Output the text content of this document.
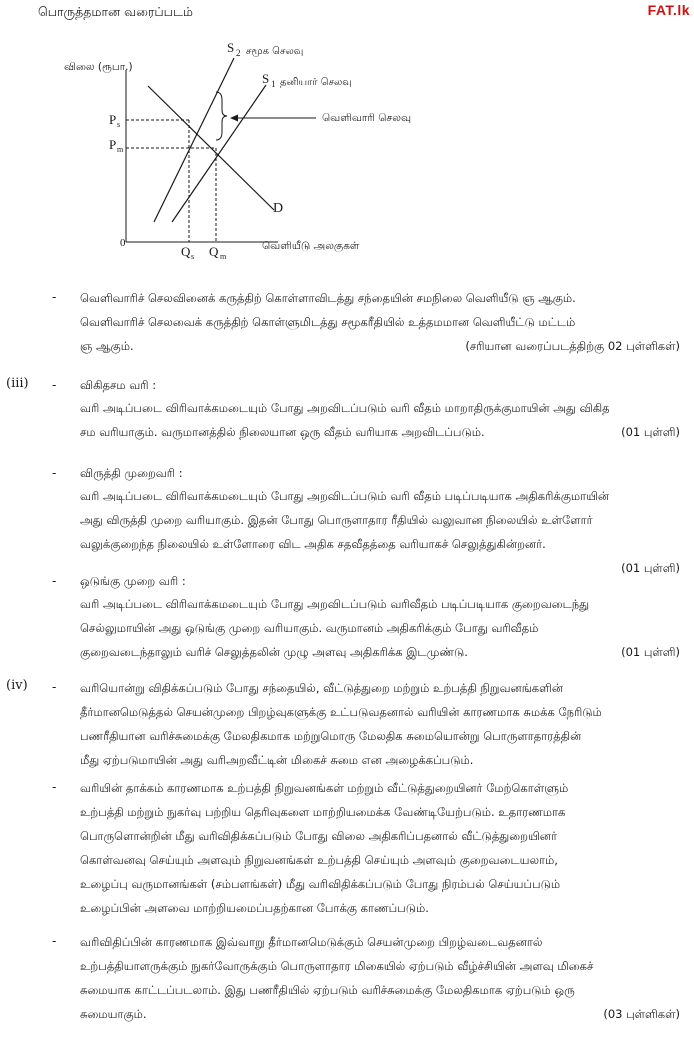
FAT.lk
பொருத்தமான வரைப்படம்
விலை (ரூபா.)
வெளியீடு அலகுகள்
0
வெளிவாரி செலவு
S 2 சமூக செலவு
S 1 தனியார் செலவு
D
P s
P m
Q s Q m
- வெளிவாரிச் செலவினைக் கருத்திற் கொள்ளாவிடத்து சந்தையின் சமநிலை வெளியீடு ஞ ஆகும்.
வெளிவாரிச் செலவைக் கருத்திற் கொள்ளுமிடத்து சமூகரீதியில் உத்தமமான வெளியீட்டு மட்டம்
ஞ ஆகும்.	(சரியான வரைப்படத்திற்கு 02 புள்ளிகள்)
(iii) - விகிதசம வரி :
வரி அடிப்படை விரிவாக்கமடையும் போது அறவிடப்படும் வரி வீதம் மாறாதிருக்குமாயின் அது விகித
சம வரியாகும். வருமானத்தில் நிலையான ஒரு வீதம் வரியாக அறவிடப்படும்.	(01 புள்ளி)
- விருத்தி முறைவரி :
வரி அடிப்படை விரிவாக்கமடையும் போது அறவிடப்படும் வரி வீதம் படிப்படியாக அதிகரிக்குமாயின்
அது விருத்தி முறை வரியாகும். இதன் போது பொருளாதார ரீதியில் வலுவான நிலையில் உள்ளோர்
வலுக்குறைந்த நிலையில் உள்ளோரை விட அதிக சதவீதத்தை வரியாகச் செலுத்துகின்றனர்.
(01 புள்ளி)
- ஒடுங்கு முறை வரி :
வரி அடிப்படை விரிவாக்கமடையும் போது அறவிடப்படும் வரிவீதம் படிப்படியாக குறைவடைந்து
செல்லுமாயின் அது ஒடுங்கு முறை வரியாகும். வருமானம் அதிகரிக்கும் போது வரிவீதம்
குறைவடைந்தாலும் வரிச் செலுத்தலின் முழு அளவு அதிகரிக்க இடமுண்டு.	(01 புள்ளி)
(iv) - வரியொன்று விதிக்கப்படும் போது சந்தையில், வீட்டுத்துறை மற்றும் உற்பத்தி நிறுவனங்களின்
தீர்மானமெடுத்தல் செயன்முறை பிறழ்வுகளுக்கு உட்படுவதனால் வரியின் காரணமாக சுமக்க நேரிடும்
பணரீதியான வரிச்சுமைக்கு மேலதிகமாக மற்றுமொரு மேலதிக சுமையொன்று பொருளாதாரத்தின்
மீது ஏற்படுமாயின் அது வரிஅறவீட்டின் மிகைச் சுமை என அழைக்கப்படும்.
- வரியின் தாக்கம் காரணமாக உற்பத்தி நிறுவனங்கள் மற்றும் வீட்டுத்துறையினர் மேற்கொள்ளும்
உற்பத்தி மற்றும் நுகர்வு பற்றிய தெரிவுகளை மாற்றியமைக்க வேண்டியேற்படும். உதாரணமாக
பொருளொன்றின் மீது வரிவிதிக்கப்படும் போது விலை அதிகரிப்பதனால் வீட்டுத்துறையினர்
கொள்வனவு செய்யும் அளவும் நிறுவனங்கள் உற்பத்தி செய்யும் அளவும் குறைவடையலாம்,
உழைப்பு வருமானங்கள் (சம்பளங்கள்) மீது வரிவிதிக்கப்படும் போது நிரம்பல் செய்யப்படும்
உழைப்பின் அளவை மாற்றியமைப்பதற்கான போக்கு காணப்படும்.
- வரிவிதிப்பின் காரணமாக இவ்வாறு தீர்மானமெடுக்கும் செயன்முறை பிறழ்வடைவதனால்
உற்பத்தியாளருக்கும் நுகர்வோருக்கும் பொருளாதார மிகையில் ஏற்படும் வீழ்ச்சியின் அளவு மிகைச்
சுமையாக காட்டப்படலாம். இது பணரீதியில் ஏற்படும் வரிச்சுமைக்கு மேலதிகமாக ஏற்படும் ஒரு
சுமையாகும்.	(03 புள்ளிகள்)
